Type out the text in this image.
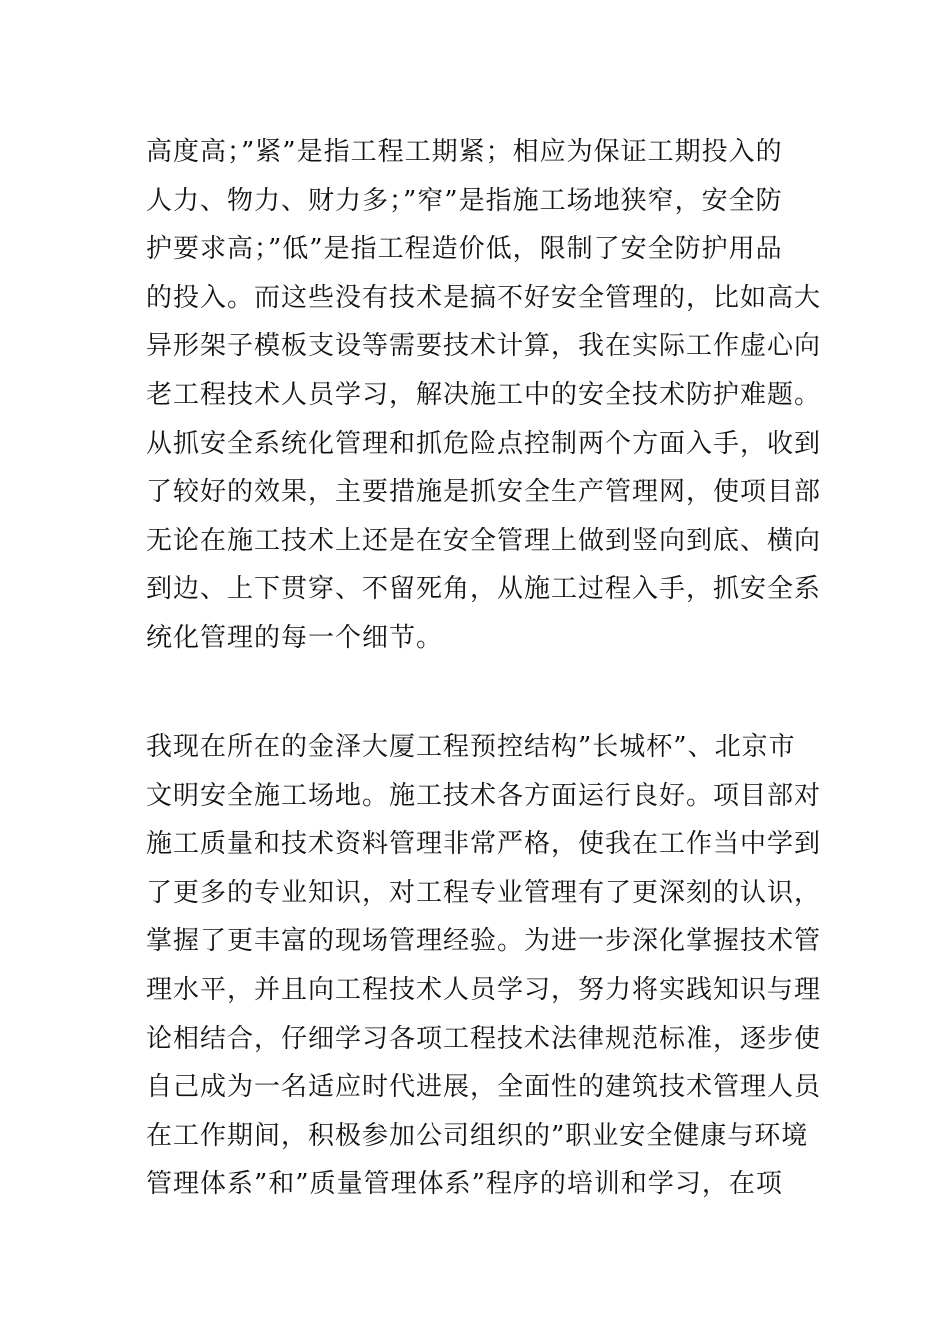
高度高；”紧”是指工程工期紧；相应为保证工期投入的
人力、物力、财力多；”窄”是指施工场地狭窄，安全防
护要求高；”低”是指工程造价低，限制了安全防护用品
的投入。而这些没有技术是搞不好安全管理的，比如高大
异形架子模板支设等需要技术计算，我在实际工作虚心向
老工程技术人员学习，解决施工中的安全技术防护难题。
从抓安全系统化管理和抓危险点控制两个方面入手，收到
了较好的效果，主要措施是抓安全生产管理网，使项目部
无论在施工技术上还是在安全管理上做到竖向到底、横向
到边、上下贯穿、不留死角，从施工过程入手，抓安全系
统化管理的每一个细节。
我现在所在的金泽大厦工程预控结构”长城杯”、北京市
文明安全施工场地。施工技术各方面运行良好。项目部对
施工质量和技术资料管理非常严格，使我在工作当中学到
了更多的专业知识，对工程专业管理有了更深刻的认识，
掌握了更丰富的现场管理经验。为进一步深化掌握技术管
理水平，并且向工程技术人员学习，努力将实践知识与理
论相结合，仔细学习各项工程技术法律规范标准，逐步使
自己成为一名适应时代进展，全面性的建筑技术管理人员
在工作期间，积极参加公司组织的”职业安全健康与环境
管理体系”和”质量管理体系”程序的培训和学习，在项
